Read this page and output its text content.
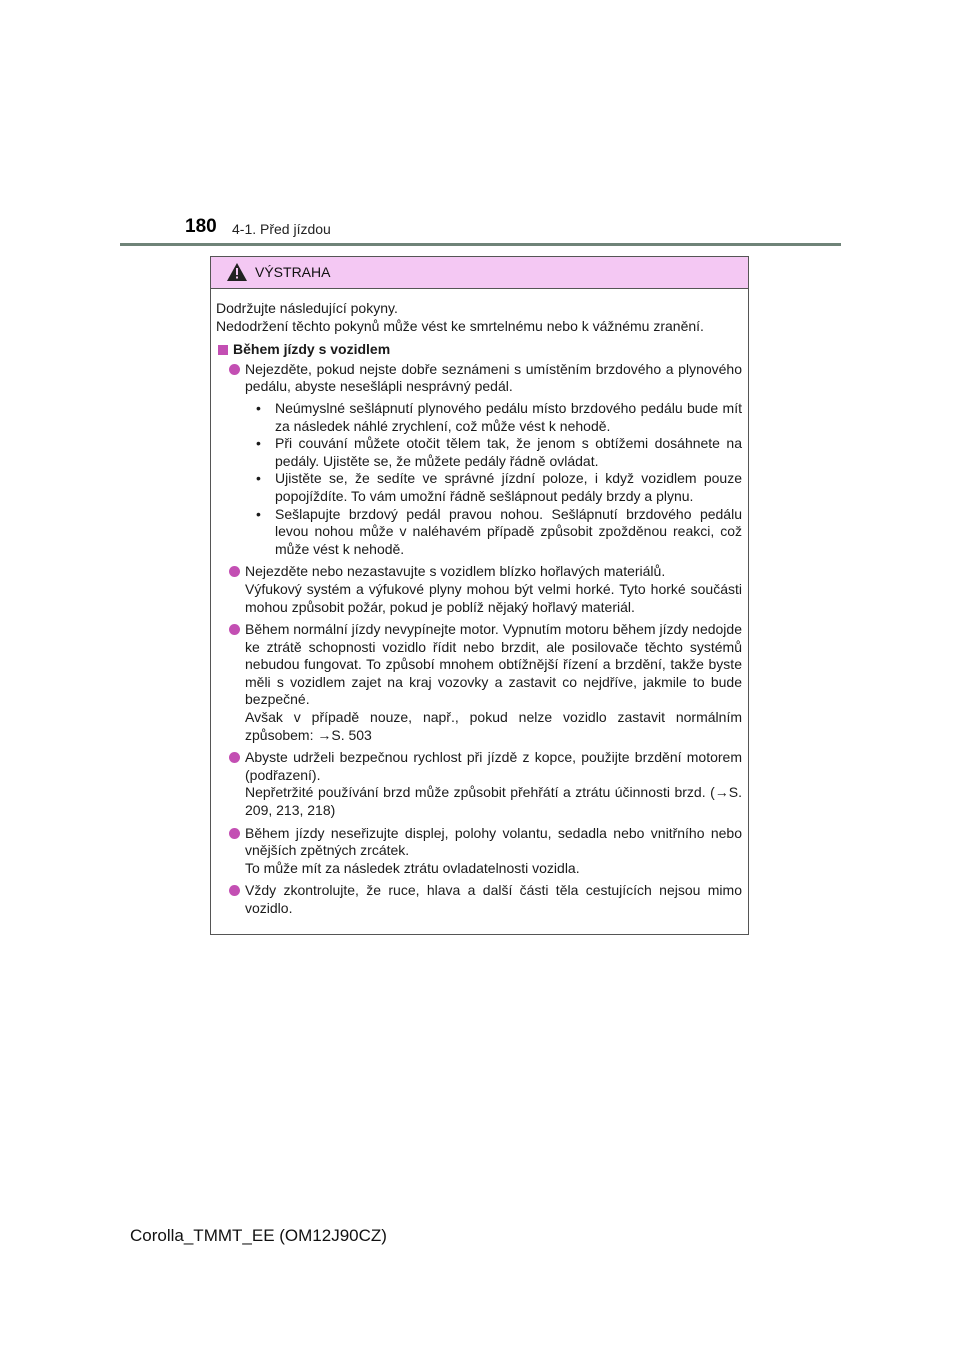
180 4-1. Před jízdou
VÝSTRAHA

Dodržujte následující pokyny.

Nedodržení těchto pokynů může vést ke smrtelnému nebo k vážnému zranění.

Během jízdy s vozidlem

Nejezděte, pokud nejste dobře seznámeni s umístěním brzdového a plynového pedálu, abyste nesešlápli nesprávný pedál.

• Neúmyslné sešlápnutí plynového pedálu místo brzdového pedálu bude mít za následek náhlé zrychlení, což může vést k nehodě.
• Při couvání můžete otočit tělem tak, že jenom s obtížemi dosáhnete na pedály. Ujistěte se, že můžete pedály řádně ovládat.
• Ujistěte se, že sedíte ve správné jízdní poloze, i když vozidlem pouze popojíždíte. To vám umožní řádně sešlápnout pedály brzdy a plynu.
• Sešlapujte brzdový pedál pravou nohou. Sešlápnutí brzdového pedálu levou nohou může v naléhavém případě způsobit zpožděnou reakci, což může vést k nehodě.

Nejezděte nebo nezastavujte s vozidlem blízko hořlavých materiálů.

Výfukový systém a výfukové plyny mohou být velmi horké. Tyto horké součásti mohou způsobit požár, pokud je poblíž nějaký hořlavý materiál.

Během normální jízdy nevypínejte motor. Vypnutím motoru během jízdy nedojde ke ztrátě schopnosti vozidlo řídit nebo brzdit, ale posilovače těchto systémů nebudou fungovat. To způsobí mnohem obtížnější řízení a brzdění, takže byste měli s vozidlem zajet na kraj vozovky a zastavit co nejdříve, jakmile to bude bezpečné.

Avšak v případě nouze, např., pokud nelze vozidlo zastavit normálním způsobem: →S. 503

Abyste udrželi bezpečnou rychlost při jízdě z kopce, použijte brzdění motorem (podřazení).

Nepřetržité používání brzd může způsobit přehřátí a ztrátu účinnosti brzd. (→S. 209, 213, 218)

Během jízdy neseřizujte displej, polohy volantu, sedadla nebo vnitřního nebo vnějších zpětných zrcátek.

To může mít za následek ztrátu ovladatelnosti vozidla.

Vždy zkontrolujte, že ruce, hlava a další části těla cestujících nejsou mimo vozidlo.

Corolla_TMMT_EE (OM12J90CZ)
